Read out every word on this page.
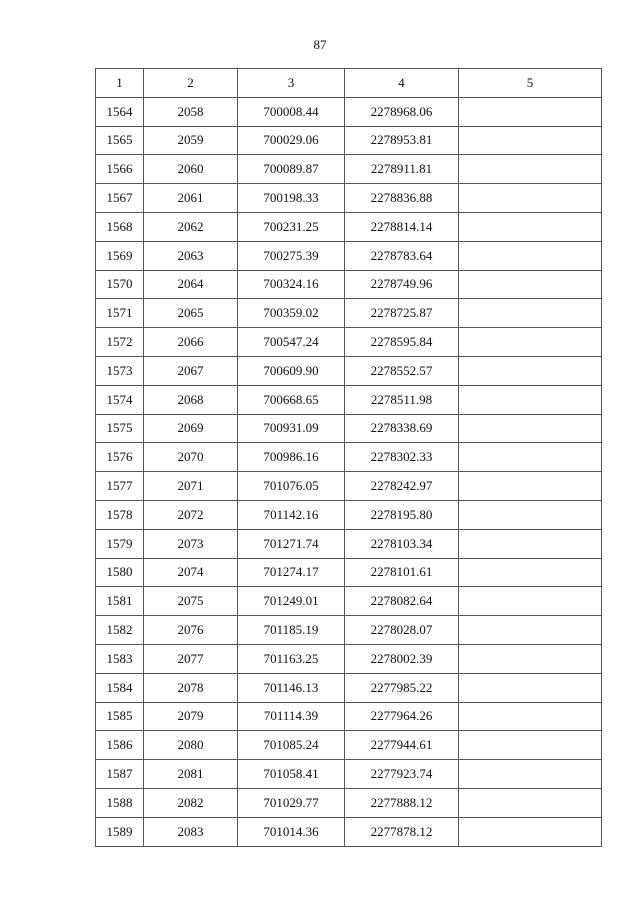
87
1	2	3	4	5
1564	2058	700008.44	2278968.06	
1565	2059	700029.06	2278953.81	
1566	2060	700089.87	2278911.81	
1567	2061	700198.33	2278836.88	
1568	2062	700231.25	2278814.14	
1569	2063	700275.39	2278783.64	
1570	2064	700324.16	2278749.96	
1571	2065	700359.02	2278725.87	
1572	2066	700547.24	2278595.84	
1573	2067	700609.90	2278552.57	
1574	2068	700668.65	2278511.98	
1575	2069	700931.09	2278338.69	
1576	2070	700986.16	2278302.33	
1577	2071	701076.05	2278242.97	
1578	2072	701142.16	2278195.80	
1579	2073	701271.74	2278103.34	
1580	2074	701274.17	2278101.61	
1581	2075	701249.01	2278082.64	
1582	2076	701185.19	2278028.07	
1583	2077	701163.25	2278002.39	
1584	2078	701146.13	2277985.22	
1585	2079	701114.39	2277964.26	
1586	2080	701085.24	2277944.61	
1587	2081	701058.41	2277923.74	
1588	2082	701029.77	2277888.12	
1589	2083	701014.36	2277878.12	
